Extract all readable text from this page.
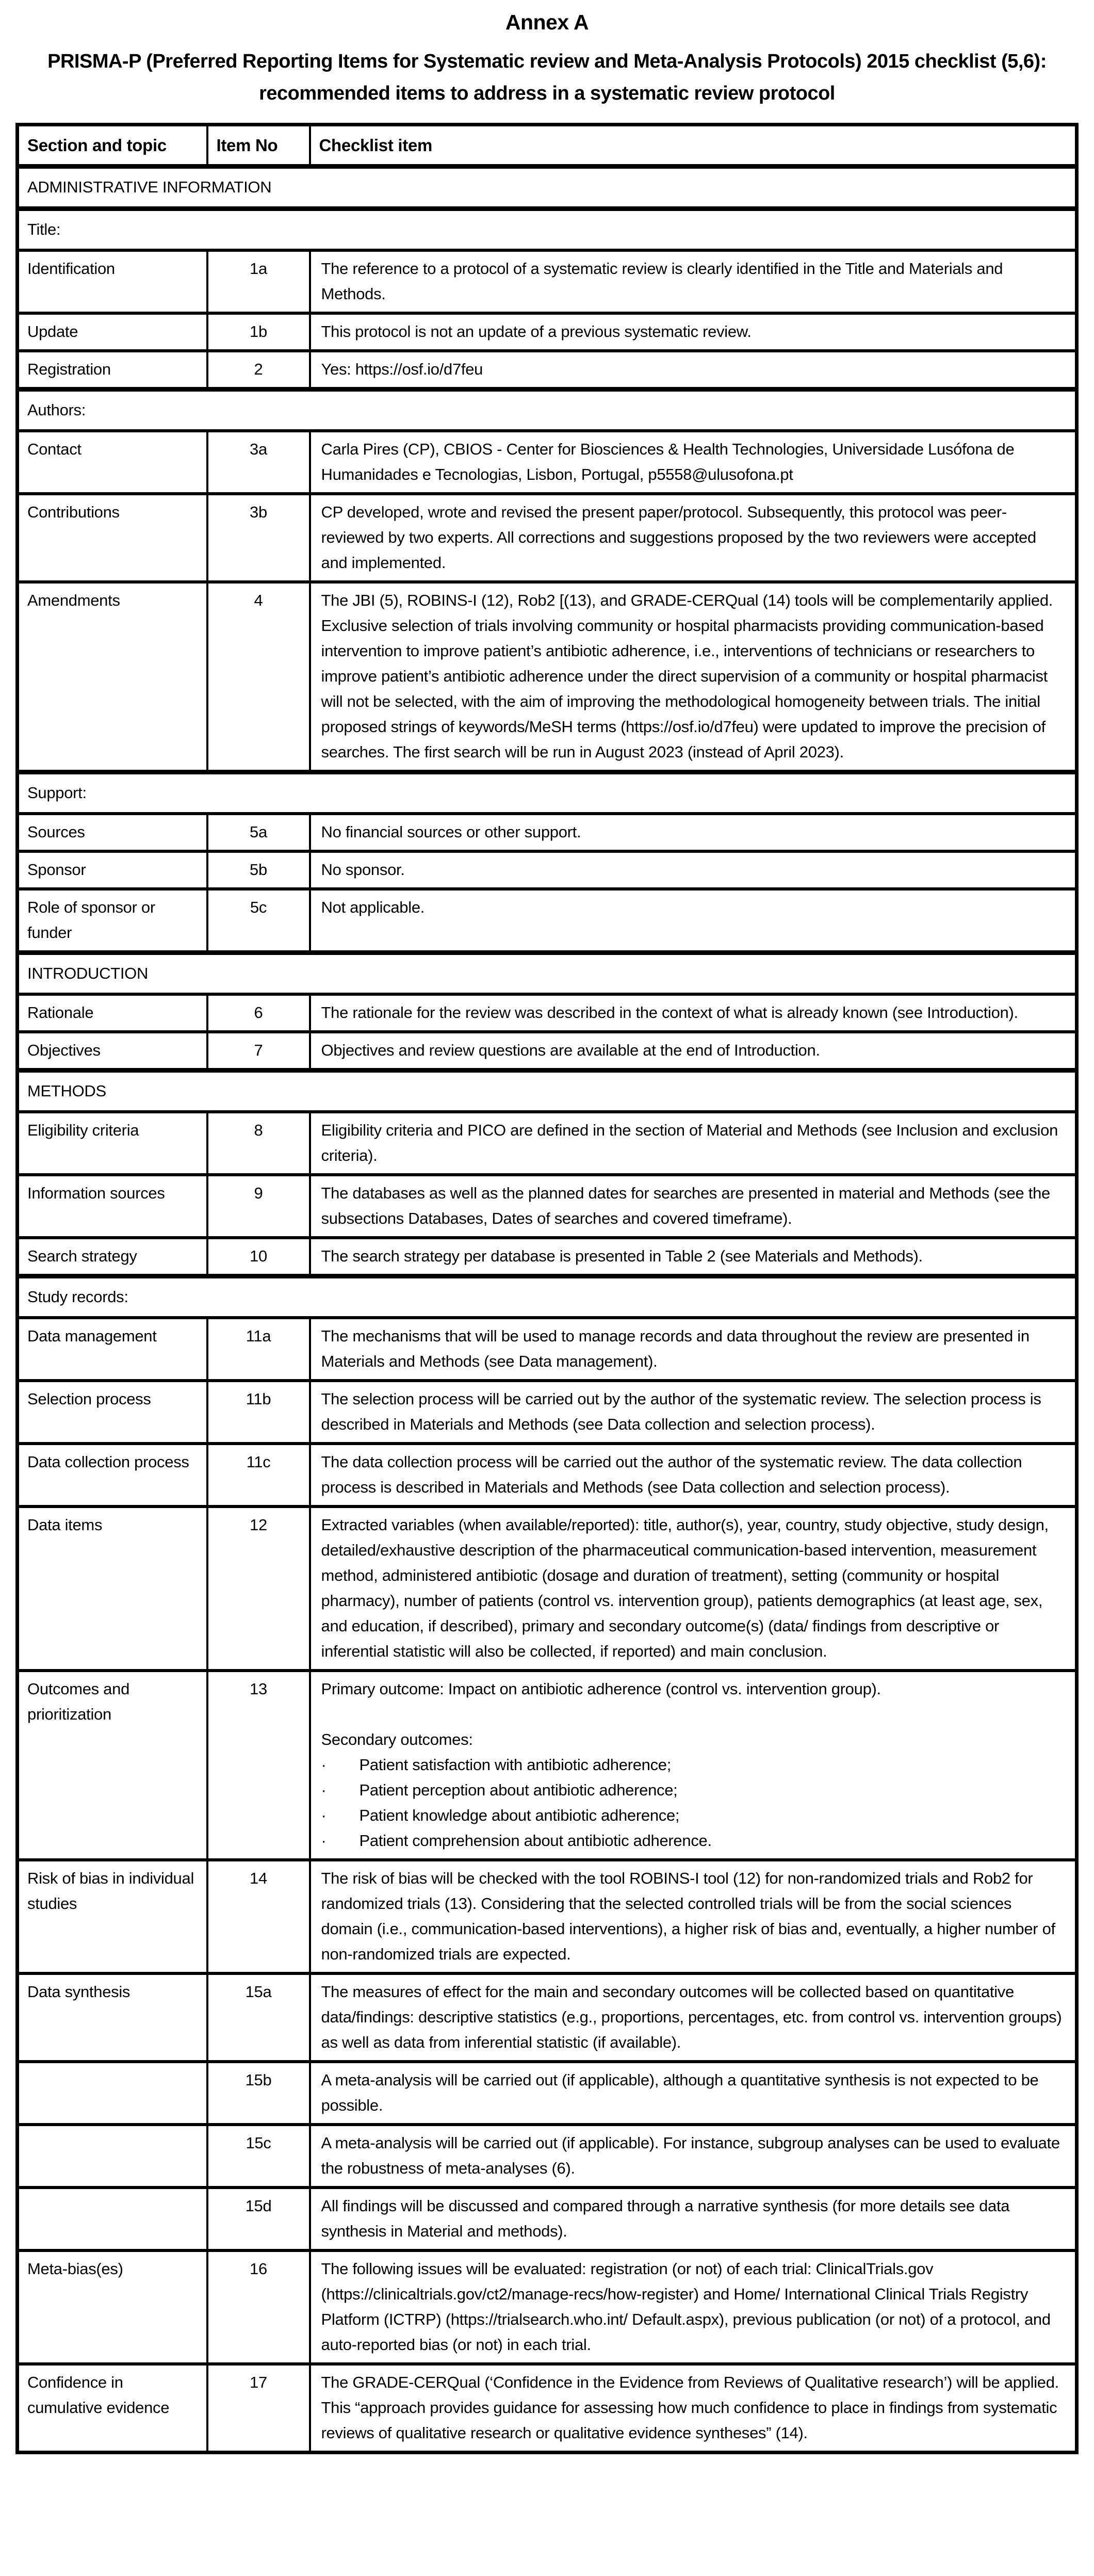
Annex A
PRISMA-P (Preferred Reporting Items for Systematic review and Meta-Analysis Protocols) 2015 checklist (5,6): recommended items to address in a systematic review protocol
Section and topic	Item No	Checklist item
ADMINISTRATIVE INFORMATION		
Title:		
Identification	1a	The reference to a protocol of a systematic review is clearly identified in the Title and Materials and Methods.

Update	1b	This protocol is not an update of a previous systematic review.

Registration	2	Yes: https://osf.io/d7feu

Authors:		
Contact	3a	Carla Pires (CP), CBIOS - Center for Biosciences & Health Technologies, Universidade Lusófona de Humanidades e Tecnologias, Lisbon, Portugal, p5558@ulusofona.pt

Contributions	3b	CP developed, wrote and revised the present paper/protocol. Subsequently, this protocol was peer-reviewed by two experts. All corrections and suggestions proposed by the two reviewers were accepted and implemented.

Amendments	4	The JBI (5), ROBINS-I (12), Rob2 [(13), and GRADE-CERQual (14) tools will be complementarily applied. Exclusive selection of trials involving community or hospital pharmacists providing communication-based intervention to improve patient’s antibiotic adherence, i.e., interventions of technicians or researchers to improve patient’s antibiotic adherence under the direct supervision of a community or hospital pharmacist will not be selected, with the aim of improving the methodological homogeneity between trials. The initial proposed strings of keywords/MeSH terms (https://osf.io/d7feu) were updated to improve the precision of searches. The first search will be run in August 2023 (instead of April 2023).

Support:		
Sources	5a	No financial sources or other support.

Sponsor	5b	No sponsor.

Role of sponsor or funder	5c	Not applicable.

INTRODUCTION		
Rationale	6	The rationale for the review was described in the context of what is already known (see Introduction).

Objectives	7	Objectives and review questions are available at the end of Introduction.

METHODS		
Eligibility criteria	8	Eligibility criteria and PICO are defined in the section of Material and Methods (see Inclusion and exclusion criteria).

Information sources	9	The databases as well as the planned dates for searches are presented in material and Methods (see the subsections Databases, Dates of searches and covered timeframe).

Search strategy	10	The search strategy per database is presented in Table 2 (see Materials and Methods).

Study records:		
Data management	11a	The mechanisms that will be used to manage records and data throughout the review are presented in Materials and Methods (see Data management).

Selection process	11b	The selection process will be carried out by the author of the systematic review. The selection process is described in Materials and Methods (see Data collection and selection process).

Data collection process	11c	The data collection process will be carried out the author of the systematic review. The data collection process is described in Materials and Methods (see Data collection and selection process).

Data items	12	Extracted variables (when available/reported): title, author(s), year, country, study objective, study design, detailed/exhaustive description of the pharmaceutical communication-based intervention, measurement method, administered antibiotic (dosage and duration of treatment), setting (community or hospital pharmacy), number of patients (control vs. intervention group), patients demographics (at least age, sex, and education, if described), primary and secondary outcome(s) (data/ findings from descriptive or inferential statistic will also be collected, if reported) and main conclusion.

Outcomes and prioritization	13	Primary outcome: Impact on antibiotic adherence (control vs. intervention group).
Secondary outcomes:
·	Patient satisfaction with antibiotic adherence;
·	Patient perception about antibiotic adherence;
·	Patient knowledge about antibiotic adherence;
·	Patient comprehension about antibiotic adherence.

Risk of bias in individual studies	14	The risk of bias will be checked with the tool ROBINS-I tool (12) for non-randomized trials and Rob2 for randomized trials (13). Considering that the selected controlled trials will be from the social sciences domain (i.e., communication-based interventions), a higher risk of bias and, eventually, a higher number of non-randomized trials are expected.

Data synthesis	15a	The measures of effect for the main and secondary outcomes will be collected based on quantitative data/findings: descriptive statistics (e.g., proportions, percentages, etc. from control vs. intervention groups) as well as data from inferential statistic (if available).

	15b	A meta-analysis will be carried out (if applicable), although a quantitative synthesis is not expected to be possible.

	15c	A meta-analysis will be carried out (if applicable). For instance, subgroup analyses can be used to evaluate the robustness of meta-analyses (6).

	15d	All findings will be discussed and compared through a narrative synthesis (for more details see data synthesis in Material and methods).

Meta-bias(es)	16	The following issues will be evaluated: registration (or not) of each trial: ClinicalTrials.gov (https://clinicaltrials.gov/ct2/manage-recs/how-register) and Home/ International Clinical Trials Registry Platform (ICTRP) (https://trialsearch.who.int/ Default.aspx), previous publication (or not) of a protocol, and auto-reported bias (or not) in each trial.

Confidence in cumulative evidence	17	The GRADE-CERQual (‘Confidence in the Evidence from Reviews of Qualitative research’) will be applied. This “approach provides guidance for assessing how much confidence to place in findings from systematic reviews of qualitative research or qualitative evidence syntheses” (14).
